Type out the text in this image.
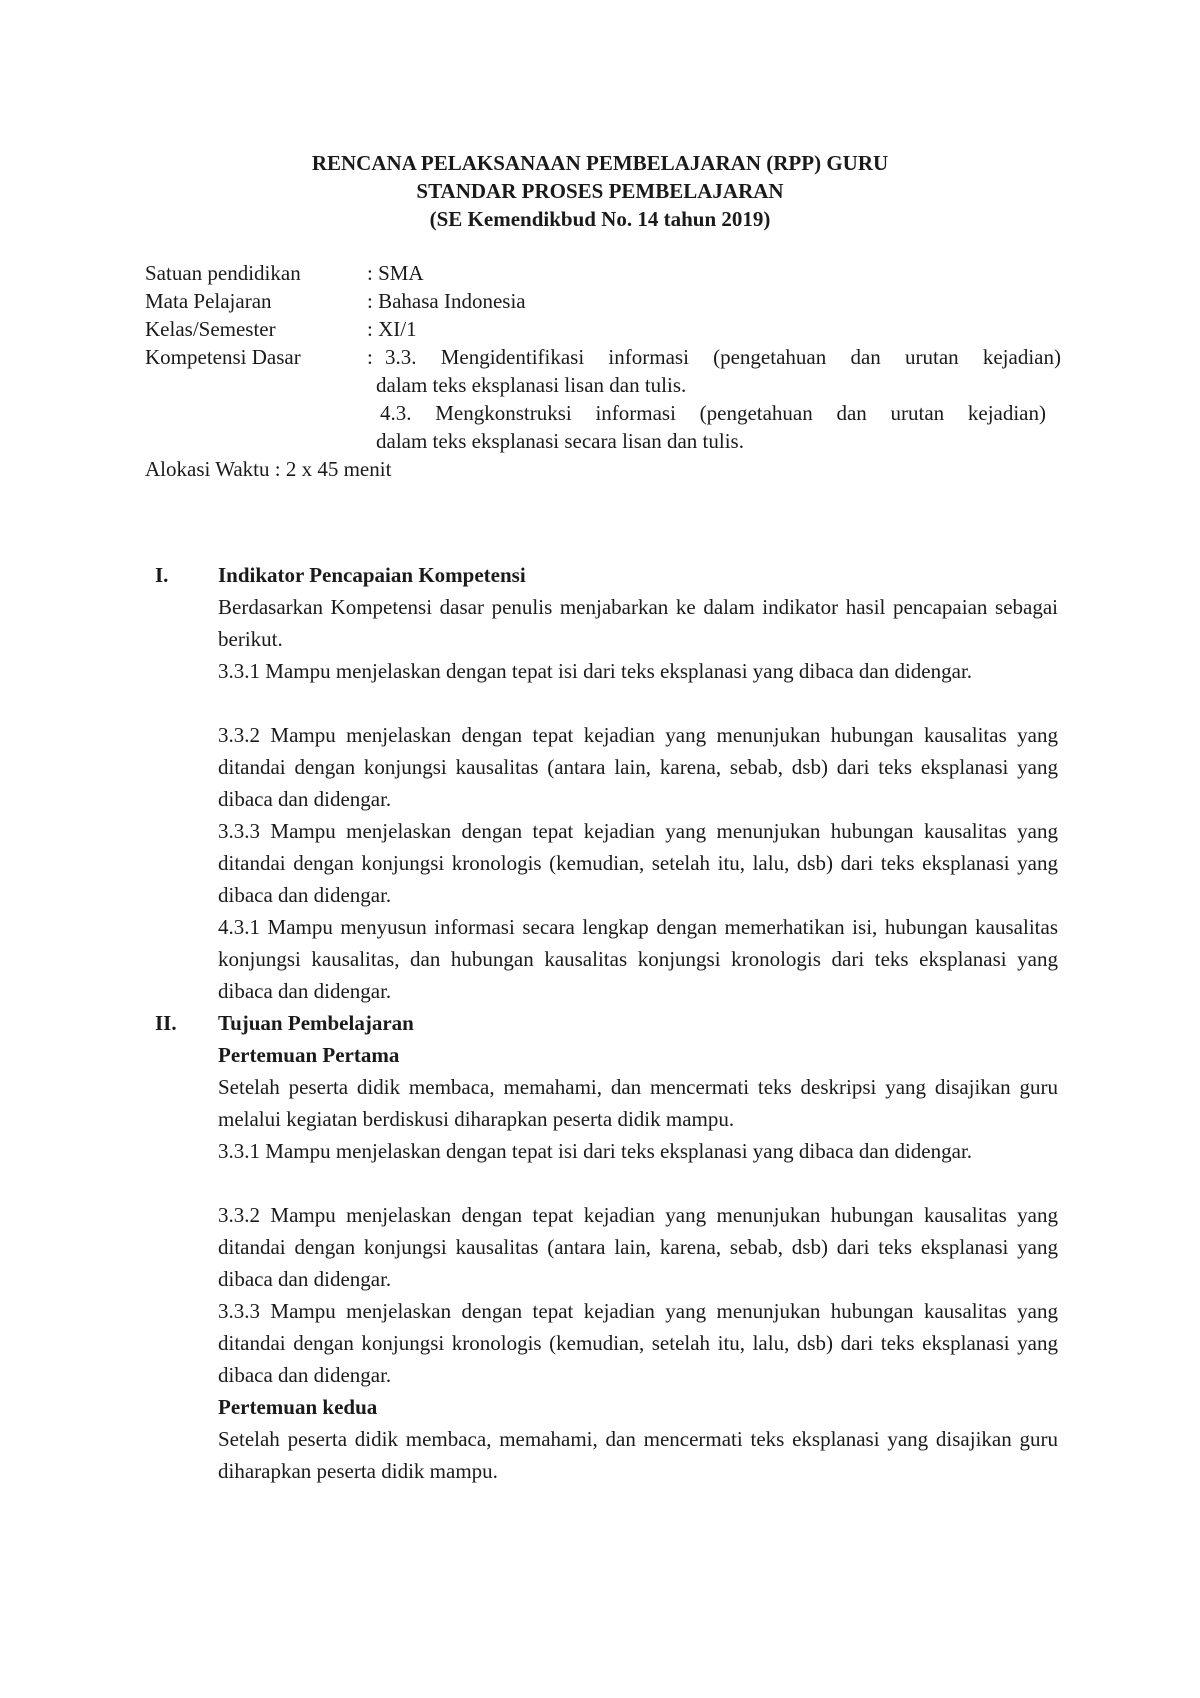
RENCANA PELAKSANAAN PEMBELAJARAN (RPP) GURU
STANDAR PROSES PEMBELAJARAN
(SE Kemendikbud No. 14 tahun 2019)
Satuan pendidikan	: SMA
Mata Pelajaran	: Bahasa Indonesia
Kelas/Semester	: XI/1
Kompetensi Dasar	: 3.3. Mengidentifikasi informasi (pengetahuan dan urutan kejadian)
dalam teks eksplanasi lisan dan tulis.
4.3. Mengkonstruksi informasi (pengetahuan dan urutan kejadian)
dalam teks eksplanasi secara lisan dan tulis.
Alokasi Waktu : 2 x 45 menit
I. Indikator Pencapaian Kompetensi
Berdasarkan Kompetensi dasar penulis menjabarkan ke dalam indikator hasil pencapaian sebagai berikut.
3.3.1 Mampu menjelaskan dengan tepat isi dari teks eksplanasi yang dibaca dan didengar.
3.3.2 Mampu menjelaskan dengan tepat kejadian yang menunjukan hubungan kausalitas yang ditandai dengan konjungsi kausalitas (antara lain, karena, sebab, dsb) dari teks eksplanasi yang dibaca dan didengar.
3.3.3 Mampu menjelaskan dengan tepat kejadian yang menunjukan hubungan kausalitas yang ditandai dengan konjungsi kronologis (kemudian, setelah itu, lalu, dsb) dari teks eksplanasi yang dibaca dan didengar.
4.3.1 Mampu menyusun informasi secara lengkap dengan memerhatikan isi, hubungan kausalitas konjungsi kausalitas, dan hubungan kausalitas konjungsi kronologis dari teks eksplanasi yang dibaca dan didengar.
II. Tujuan Pembelajaran
Pertemuan Pertama
Setelah peserta didik membaca, memahami, dan mencermati teks deskripsi yang disajikan guru melalui kegiatan berdiskusi diharapkan peserta didik mampu.
3.3.1 Mampu menjelaskan dengan tepat isi dari teks eksplanasi yang dibaca dan didengar.
3.3.2 Mampu menjelaskan dengan tepat kejadian yang menunjukan hubungan kausalitas yang ditandai dengan konjungsi kausalitas (antara lain, karena, sebab, dsb) dari teks eksplanasi yang dibaca dan didengar.
3.3.3 Mampu menjelaskan dengan tepat kejadian yang menunjukan hubungan kausalitas yang ditandai dengan konjungsi kronologis (kemudian, setelah itu, lalu, dsb) dari teks eksplanasi yang dibaca dan didengar.
Pertemuan kedua
Setelah peserta didik membaca, memahami, dan mencermati teks eksplanasi yang disajikan guru diharapkan peserta didik mampu.
